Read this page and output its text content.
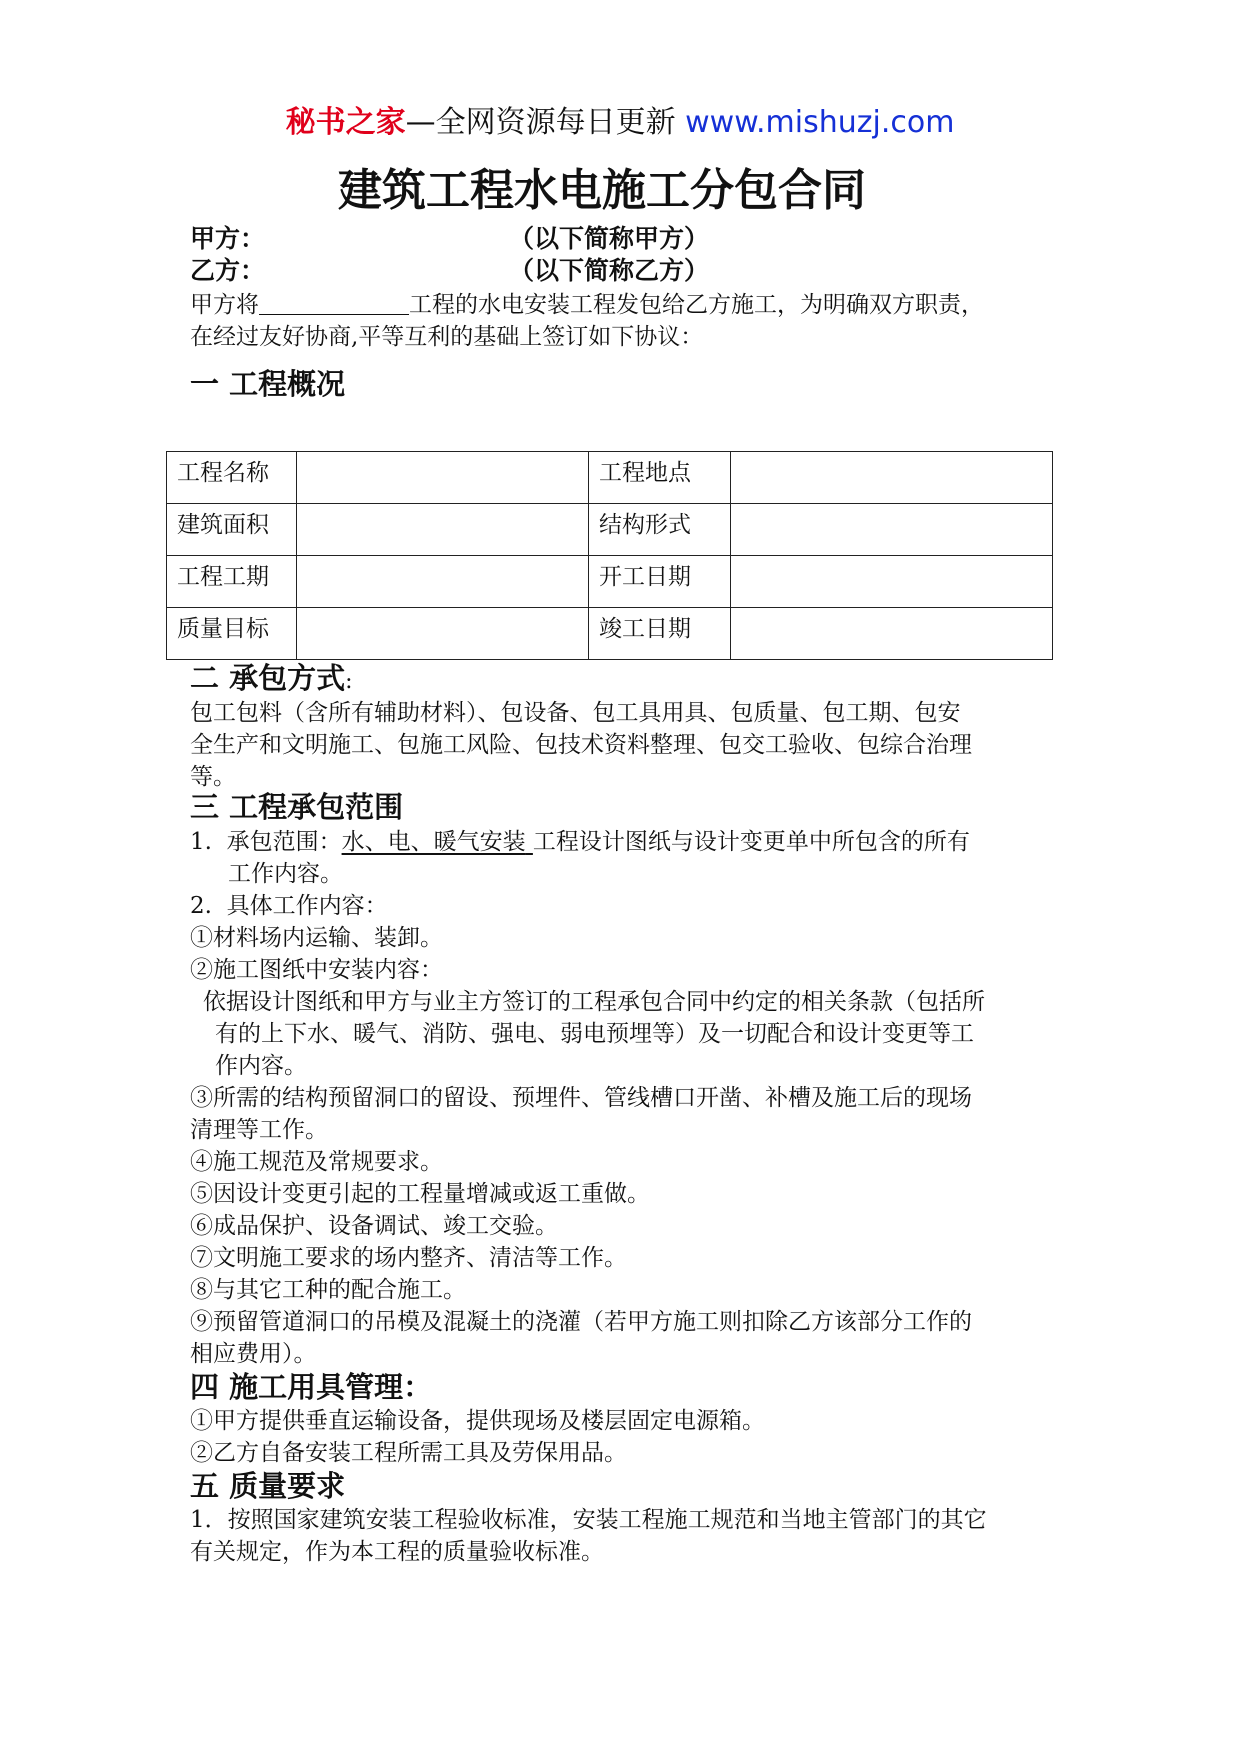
秘书之家—全网资源每日更新 www.mishuzj.com
建筑工程水电施工分包合同
甲方：	（以下简称甲方）
乙方：	（以下简称乙方）
甲方将	工程的水电安装工程发包给乙方施工，为明确双方职责，
在经过友好协商,平等互利的基础上签订如下协议：
一 工程概况
工程名称		工程地点	
建筑面积		结构形式	
工程工期		开工日期	
质量目标		竣工日期	
二 承包方式:
包工包料（含所有辅助材料）、包设备、包工具用具、包质量、包工期、包安
全生产和文明施工、包施工风险、包技术资料整理、包交工验收、包综合治理
等。
三 工程承包范围
1.  承包范围：水、电、暖气安装 工程设计图纸与设计变更单中所包含的所有
工作内容。
2.  具体工作内容：
①材料场内运输、装卸。
②施工图纸中安装内容：
依据设计图纸和甲方与业主方签订的工程承包合同中约定的相关条款（包括所
有的上下水、暖气、消防、强电、弱电预埋等）及一切配合和设计变更等工
作内容。
③所需的结构预留洞口的留设、预埋件、管线槽口开凿、补槽及施工后的现场
清理等工作。
④施工规范及常规要求。
⑤因设计变更引起的工程量增减或返工重做。
⑥成品保护、设备调试、竣工交验。
⑦文明施工要求的场内整齐、清洁等工作。
⑧与其它工种的配合施工。
⑨预留管道洞口的吊模及混凝土的浇灌（若甲方施工则扣除乙方该部分工作的
相应费用）。
四 施工用具管理：
①甲方提供垂直运输设备，提供现场及楼层固定电源箱。
②乙方自备安装工程所需工具及劳保用品。
五 质量要求
1．按照国家建筑安装工程验收标准，安装工程施工规范和当地主管部门的其它
有关规定，作为本工程的质量验收标准。
